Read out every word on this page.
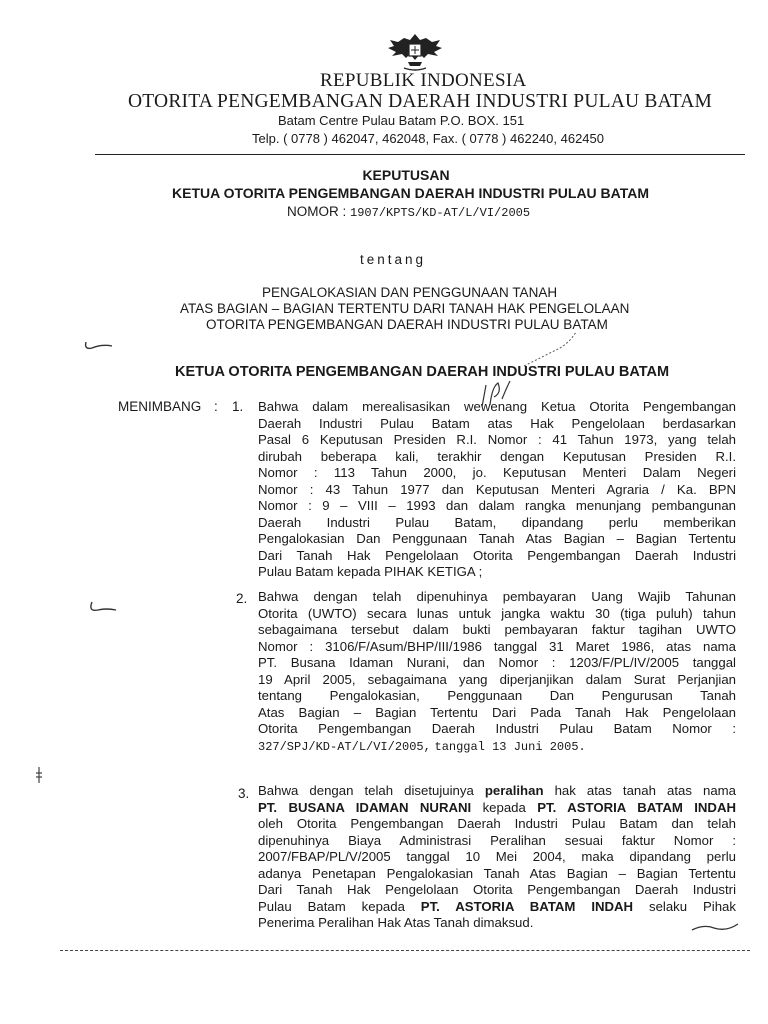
REPUBLIK INDONESIA
OTORITA PENGEMBANGAN DAERAH INDUSTRI PULAU BATAM
Batam Centre Pulau Batam P.O. BOX. 151
Telp. ( 0778 ) 462047, 462048, Fax. ( 0778 ) 462240, 462450
KEPUTUSAN
KETUA OTORITA PENGEMBANGAN DAERAH INDUSTRI PULAU BATAM
NOMOR : 1907/KPTS/KD-AT/L/VI/2005
tentang
PENGALOKASIAN DAN PENGGUNAAN TANAH
ATAS BAGIAN – BAGIAN TERTENTU DARI TANAH HAK PENGELOLAAN
OTORITA PENGEMBANGAN DAERAH INDUSTRI PULAU BATAM
KETUA OTORITA PENGEMBANGAN DAERAH INDUSTRI PULAU BATAM
MENIMBANG : 1. Bahwa dalam merealisasikan wewenang Ketua Otorita Pengembangan
Daerah Industri Pulau Batam atas Hak Pengelolaan berdasarkan
Pasal 6 Keputusan Presiden R.I. Nomor : 41 Tahun 1973, yang telah
dirubah beberapa kali, terakhir dengan Keputusan Presiden R.I.
Nomor : 113 Tahun 2000, jo. Keputusan Menteri Dalam Negeri
Nomor : 43 Tahun 1977 dan Keputusan Menteri Agraria / Ka. BPN
Nomor : 9 – VIII – 1993 dan dalam rangka menunjang pembangunan
Daerah Industri Pulau Batam, dipandang perlu memberikan
Pengalokasian Dan Penggunaan Tanah Atas Bagian – Bagian Tertentu
Dari Tanah Hak Pengelolaan Otorita Pengembangan Daerah Industri
Pulau Batam kepada PIHAK KETIGA ;
2. Bahwa dengan telah dipenuhinya pembayaran Uang Wajib Tahunan
Otorita (UWTO) secara lunas untuk jangka waktu 30 (tiga puluh) tahun
sebagaimana tersebut dalam bukti pembayaran faktur tagihan UWTO
Nomor : 3106/F/Asum/BHP/III/1986 tanggal 31 Maret 1986, atas nama
PT. Busana Idaman Nurani, dan Nomor : 1203/F/PL/IV/2005 tanggal
19 April 2005, sebagaimana yang diperjanjikan dalam Surat Perjanjian
tentang Pengalokasian, Penggunaan Dan Pengurusan Tanah
Atas Bagian – Bagian Tertentu Dari Pada Tanah Hak Pengelolaan
Otorita Pengembangan Daerah Industri Pulau Batam Nomor :
327/SPJ/KD-AT/L/VI/2005, tanggal 13 Juni 2005.
3. Bahwa dengan telah disetujuinya peralihan hak atas tanah atas nama
PT. BUSANA IDAMAN NURANI kepada PT. ASTORIA BATAM INDAH
oleh Otorita Pengembangan Daerah Industri Pulau Batam dan telah
dipenuhinya Biaya Administrasi Peralihan sesuai faktur Nomor :
2007/FBAP/PL/V/2005 tanggal 10 Mei 2004, maka dipandang perlu
adanya Penetapan Pengalokasian Tanah Atas Bagian – Bagian Tertentu
Dari Tanah Hak Pengelolaan Otorita Pengembangan Daerah Industri
Pulau Batam kepada PT. ASTORIA BATAM INDAH selaku Pihak
Penerima Peralihan Hak Atas Tanah dimaksud.
